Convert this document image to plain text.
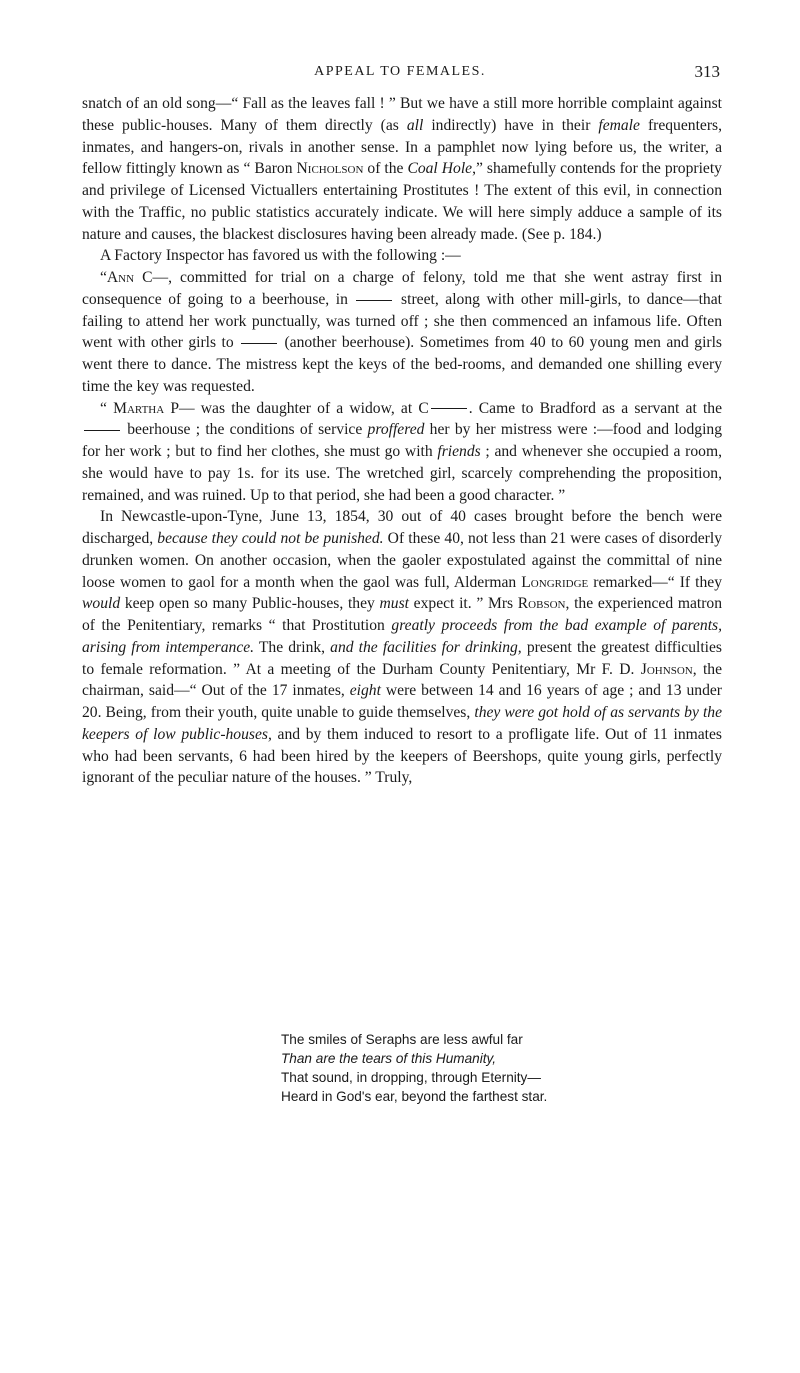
APPEAL TO FEMALES.	313

snatch of an old song—“ Fall as the leaves fall ! ” But we have a still more horrible complaint against these public-houses. Many of them directly (as all indirectly) have in their female frequenters, inmates, and hangers-on, rivals in another sense. In a pamphlet now lying before us, the writer, a fellow fittingly known as “ Baron Nicholson of the Coal Hole,” shamefully contends for the propriety and privilege of Licensed Victuallers entertaining Prostitutes ! The extent of this evil, in connection with the Traffic, no public statistics accurately indicate. We will here simply adduce a sample of its nature and causes, the blackest disclosures having been already made. (See p. 184.)

A Factory Inspector has favored us with the following :—

“Ann C—, committed for trial on a charge of felony, told me that she went astray first in consequence of going to a beerhouse, in	street, along with other mill-girls, to dance—that failing to attend her work punctually, was turned off ; she then commenced an infamous life. Often went with other girls to	(another beerhouse). Sometimes from 40 to 60 young men and girls went there to dance. The mistress kept the keys of the bed-rooms, and demanded one shilling every time the key was requested.

“ Martha P— was the daughter of a widow, at C	. Came to Bradford as a servant at the  beerhouse ; the conditions of service proffered her by her mistress were :—food and lodging for her work ; but to find her clothes, she must go with friends ; and whenever she occupied a room, she would have to pay 1s. for its use. The wretched girl, scarcely comprehending the proposition, remained, and was ruined. Up to that period, she had been a good character. ”

In Newcastle-upon-Tyne, June 13, 1854, 30 out of 40 cases brought before the bench were discharged, because they could not be punished. Of these 40, not less than 21 were cases of disorderly drunken women. On another occasion, when the gaoler expostulated against the committal of nine loose women to gaol for a month when the gaol was full, Alderman Longridge remarked—“ If they would keep open so many Public-houses, they must expect it. ” Mrs Robson, the experienced matron of the Penitentiary, remarks “ that Prostitution greatly proceeds from the bad example of parents, arising from intemperance. The drink, and the facilities for drinking, present the greatest difficulties to female reformation. ” At a meeting of the Durham County Penitentiary, Mr F. D. Johnson, the chairman, said—“ Out of the 17 inmates, eight were between 14 and 16 years of age ; and 13 under 20. Being, from their youth, quite unable to guide themselves, they were got hold of as servants by the keepers of low public-houses, and by them induced to resort to a profligate life. Out of 11 inmates who had been servants, 6 had been hired by the keepers of Beershops, quite young girls, perfectly ignorant of the peculiar nature of the houses. ” Truly,

The smiles of Seraphs are less awful far
Than are the tears of this Humanity,
That sound, in dropping, through Eternity—
Heard in God's ear, beyond the farthest star.
